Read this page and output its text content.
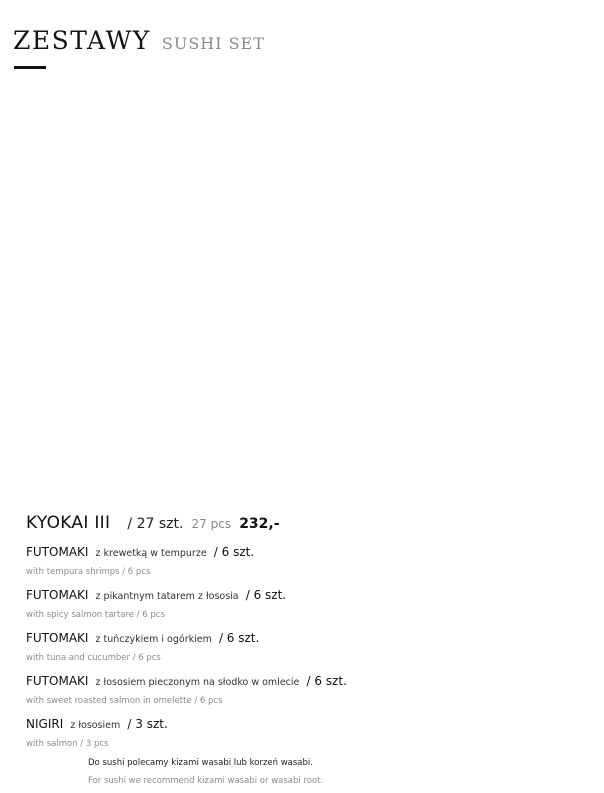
ZESTAWY SUSHI SET
KYOKAI III / 27 szt. 27 pcs 232,-
FUTOMAKI z krewetką w tempurze / 6 szt.
with tempura shrimps / 6 pcs
FUTOMAKI z pikantnym tatarem z łososia / 6 szt.
with spicy salmon tartare / 6 pcs
FUTOMAKI z tuńczykiem i ogórkiem / 6 szt.
with tuna and cucumber / 6 pcs
FUTOMAKI z łososiem pieczonym na słodko w omlecie / 6 szt.
with sweet roasted salmon in omelette / 6 pcs
NIGIRI z łososiem / 3 szt.
with salmon / 3 pcs
Do sushi polecamy kizami wasabi lub korzeń wasabi.
For sushi we recommend kizami wasabi or wasabi root.
